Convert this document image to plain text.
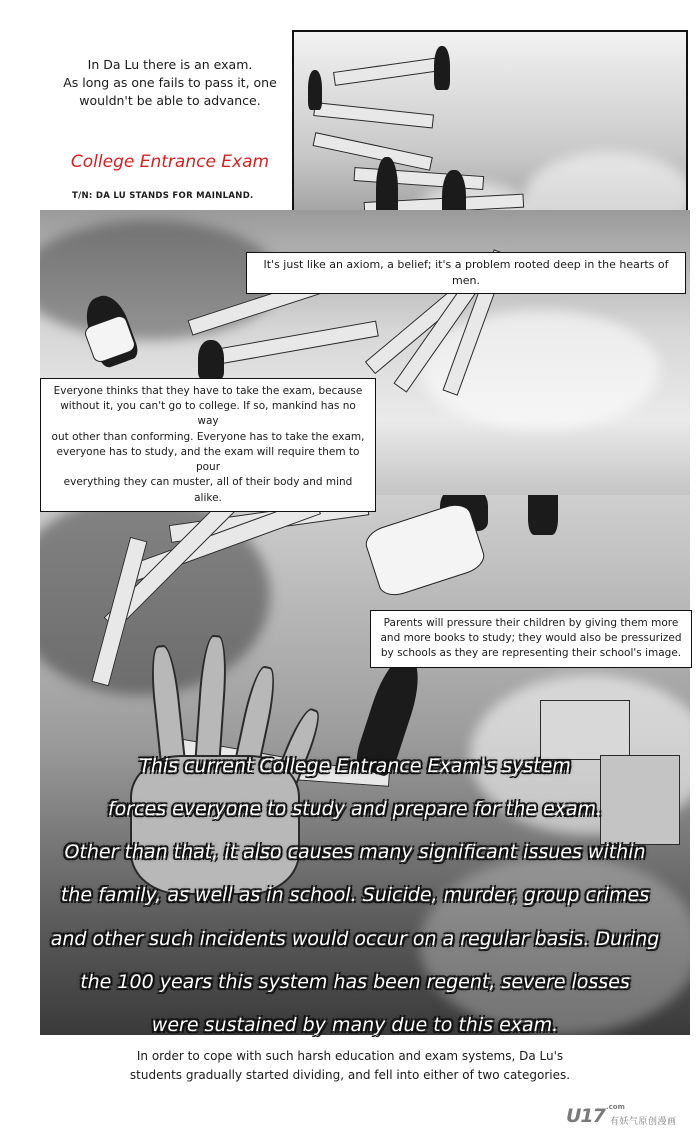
In Da Lu there is an exam.
As long as one fails to pass it, one
wouldn't be able to advance.
College Entrance Exam
T/N: DA LU STANDS FOR MAINLAND.
It's just like an axiom, a belief; it's a problem rooted deep in the hearts of men.
Everyone thinks that they have to take the exam, because
without it, you can't go to college. If so, mankind has no way
out other than conforming. Everyone has to take the exam,
everyone has to study, and the exam will require them to pour
everything they can muster, all of their body and mind alike.
Parents will pressure their children by giving them more
and more books to study; they would also be pressurized
by schools as they are representing their school's image.
This current College Entrance Exam's system
forces everyone to study and prepare for the exam.
Other than that, it also causes many significant issues within
the family, as well as in school. Suicide, murder, group crimes
and other such incidents would occur on a regular basis. During
the 100 years this system has been regent, severe losses
were sustained by many due to this exam.
In order to cope with such harsh education and exam systems, Da Lu's
students gradually started dividing, and fell into either of two categories.
U17 .com
有妖气原创漫画
